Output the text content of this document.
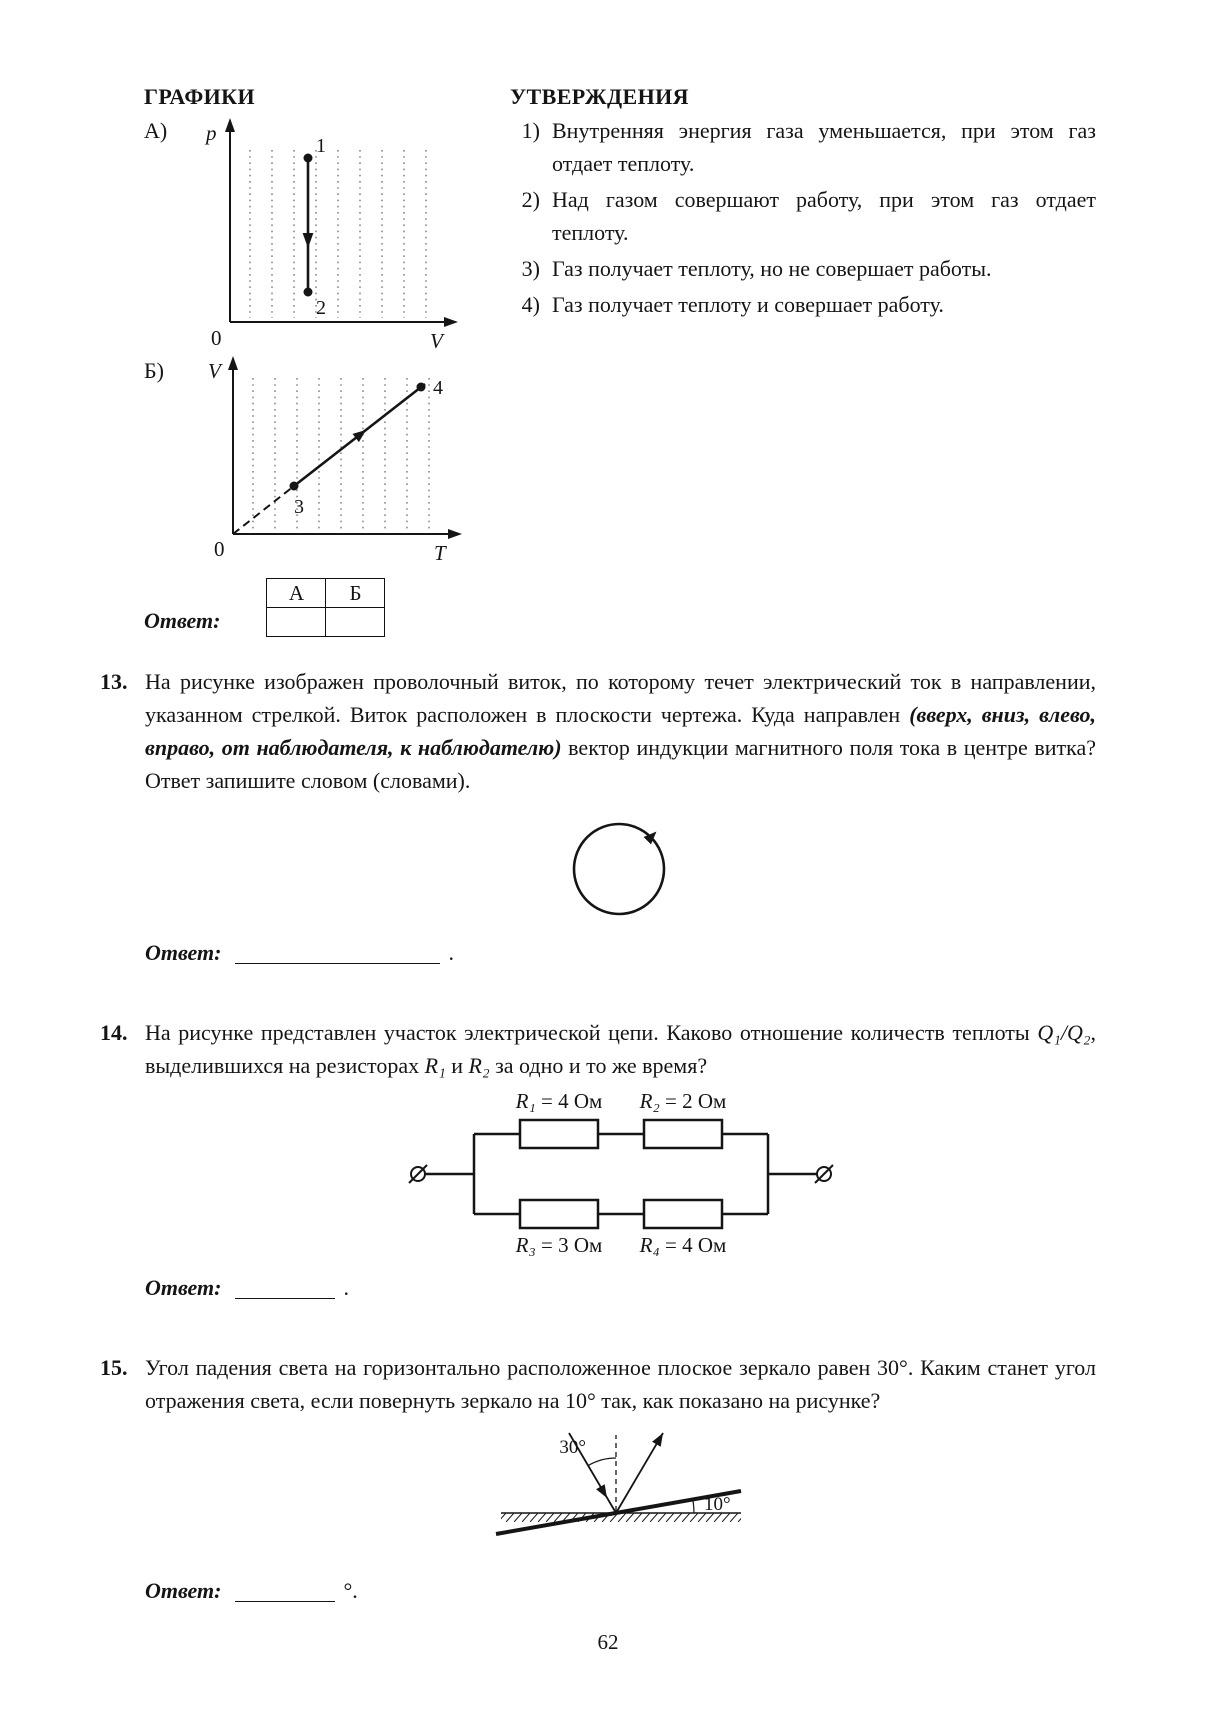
ГРАФИКИ
А)	p
V
0
1
2
Б)	V
T
0
3
4
Ответ:
А	Б

УТВЕРЖДЕНИЯ
1) Внутренняя энергия газа уменьшается, при этом газ отдает теплоту.
2) Над газом совершают работу, при этом газ отдает теплоту.
3) Газ получает теплоту, но не совершает работы.
4) Газ получает теплоту и совершает работу.
13. На рисунке изображен проволочный виток, по которому течет электрический ток в направлении, указанном стрелкой. Виток расположен в плоскости чертежа. Куда направлен (вверх, вниз, влево, вправо, от наблюдателя, к наблюдателю) вектор индукции магнитного поля тока в центре витка? Ответ запишите словом (словами).

Ответ:	.

14. На рисунке представлен участок электрической цепи. Каково отношение количеств теплоты Q₁/Q₂, выделившихся на резисторах R₁ и R₂ за одно и то же время?

R₁ = 4 Ом R₂ = 2 Ом
R₃ = 3 Ом R₄ = 4 Ом

Ответ:	.

15. Угол падения света на горизонтально расположенное плоское зеркало равен 30°. Каким станет угол отражения света, если повернуть зеркало на 10° так, как показано на рисунке?

30°
10°

Ответ:	°.

62
